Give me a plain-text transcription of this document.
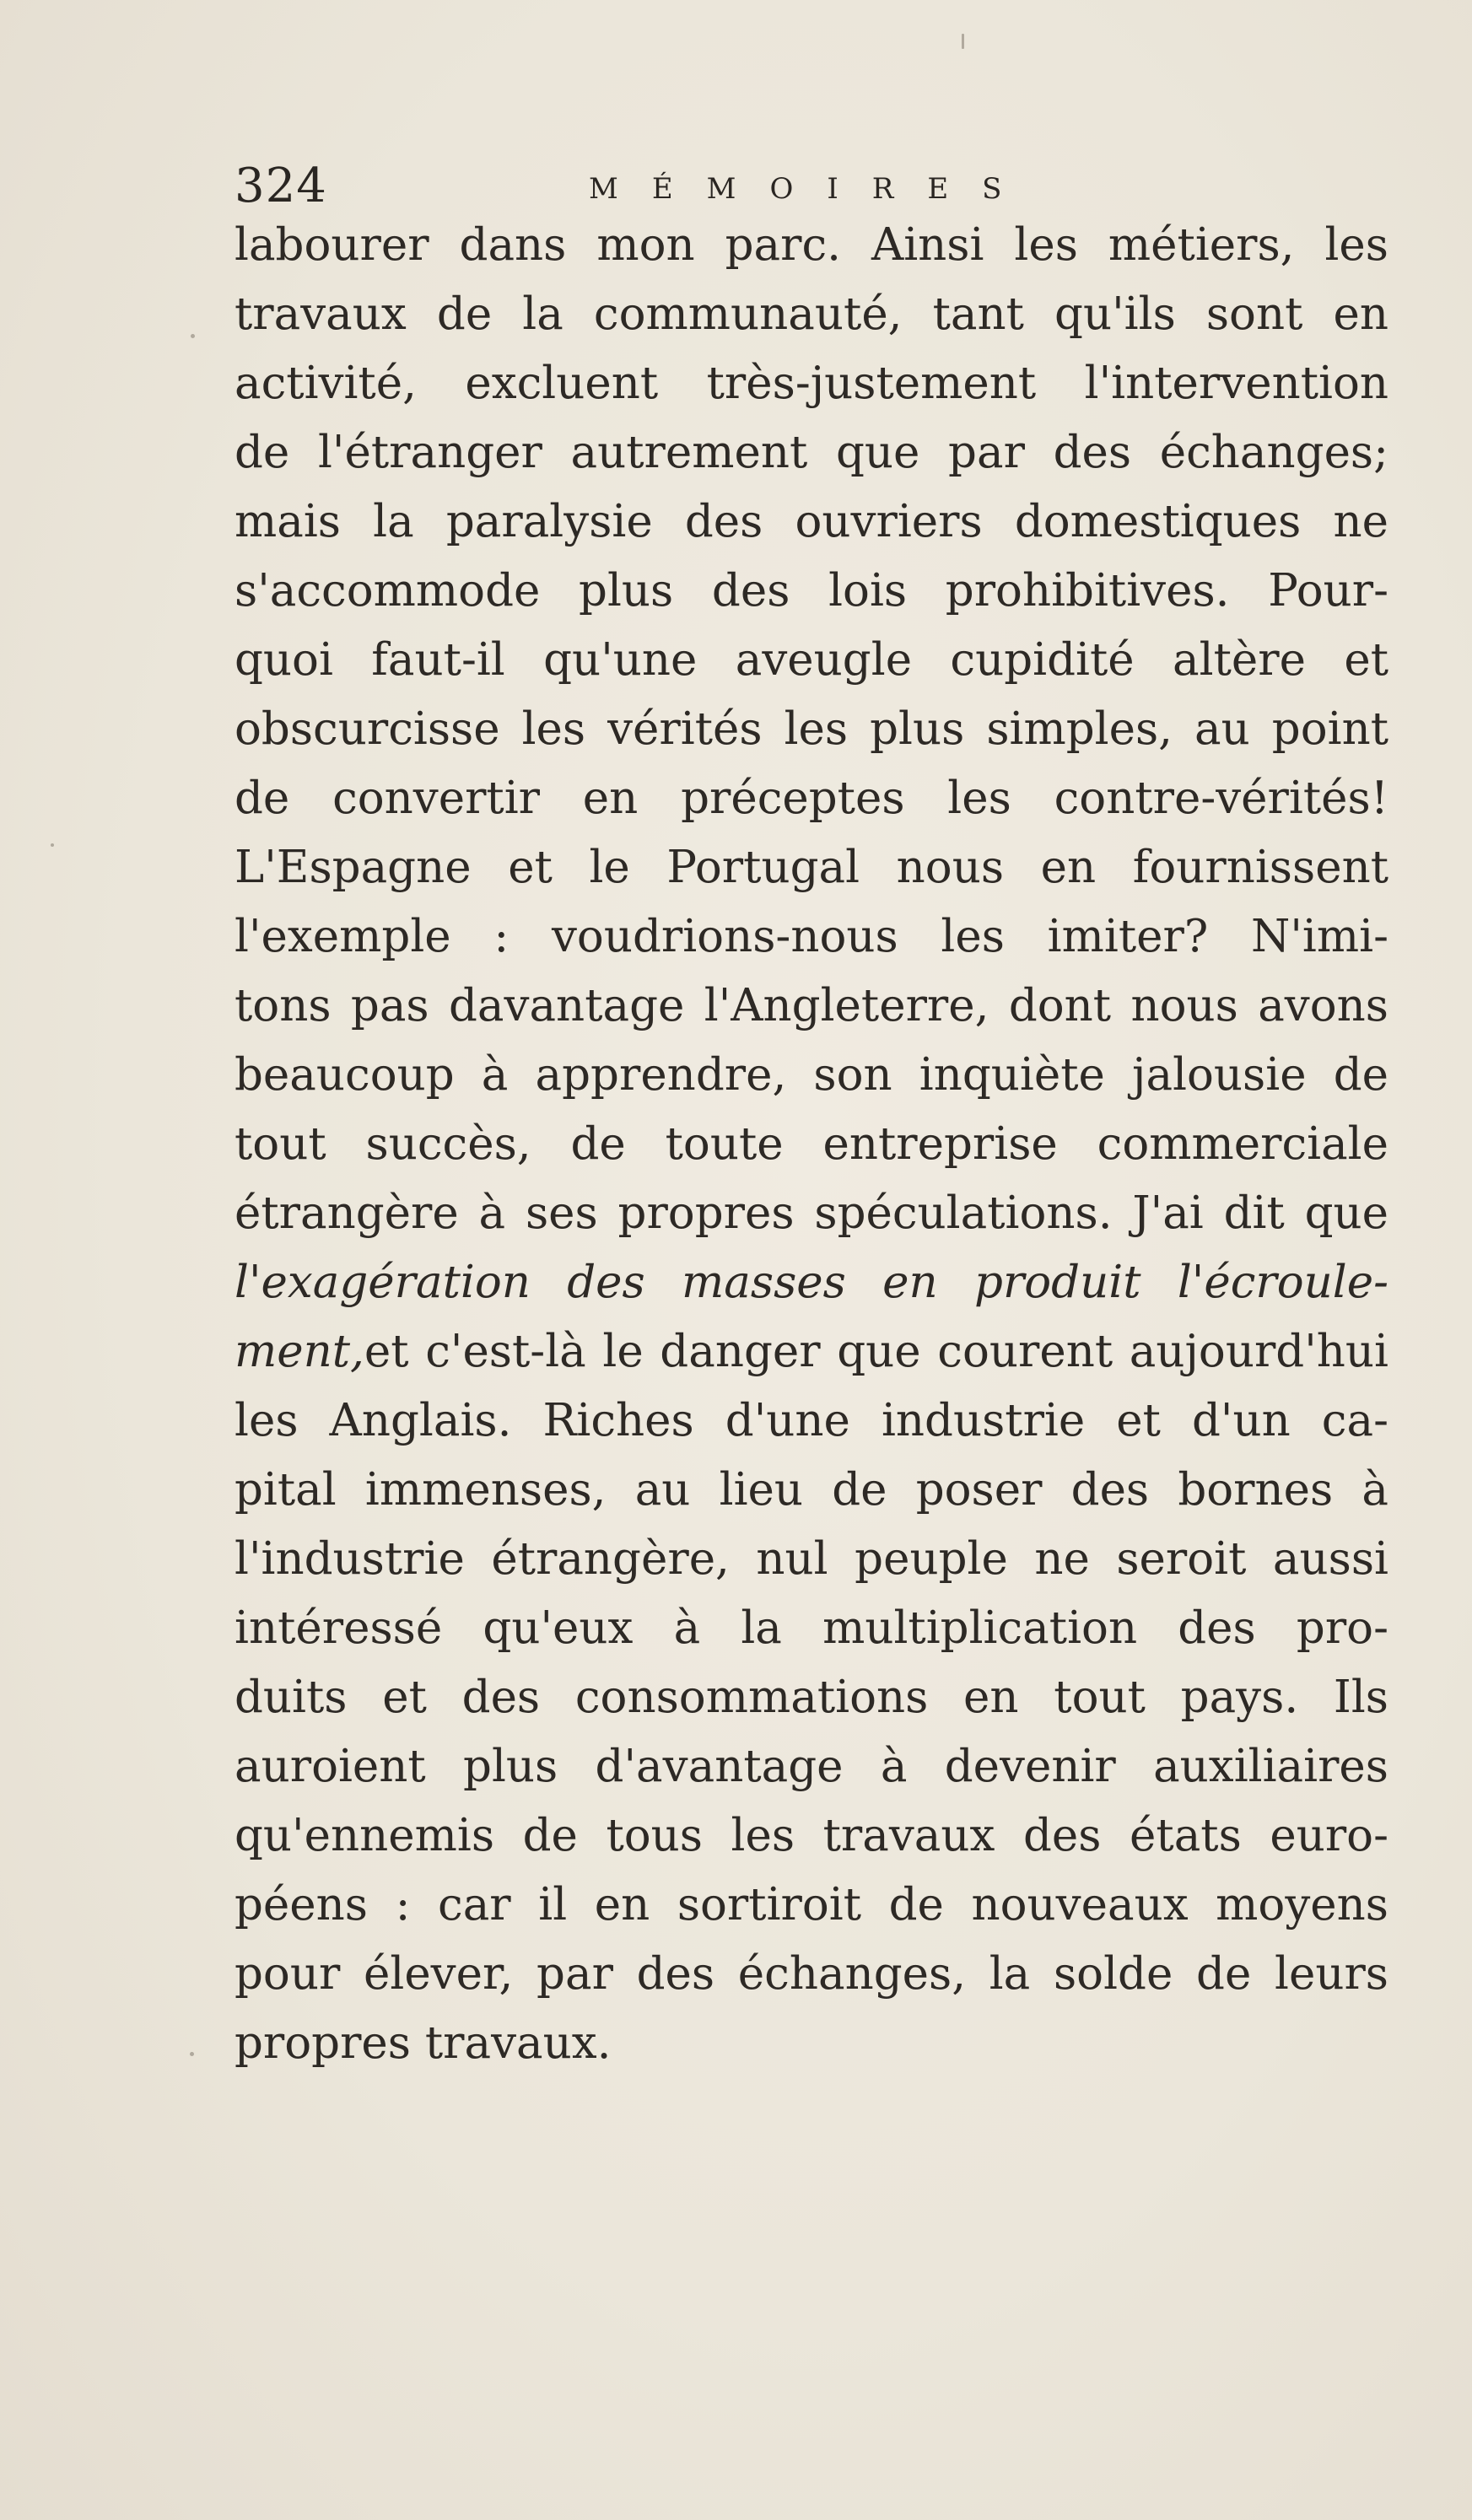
324	MÉMOIRES
labourer dans mon parc. Ainsi les métiers, les
travaux de la communauté, tant qu'ils sont en
activité, excluent très-justement l'intervention
de l'étranger autrement que par des échanges;
mais la paralysie des ouvriers domestiques ne
s'accommode plus des lois prohibitives. Pour-
quoi faut-il qu'une aveugle cupidité altère et
obscurcisse les vérités les plus simples, au point
de convertir en préceptes les contre-vérités!
L'Espagne et le Portugal nous en fournissent
l'exemple : voudrions-nous les imiter? N'imi-
tons pas davantage l'Angleterre, dont nous avons
beaucoup à apprendre, son inquiète jalousie de
tout succès, de toute entreprise commerciale
étrangère à ses propres spéculations. J'ai dit que
l'exagération des masses en produit l'écroule-
ment,et c'est-là le danger que courent aujourd'hui
les Anglais. Riches d'une industrie et d'un ca-
pital immenses, au lieu de poser des bornes à
l'industrie étrangère, nul peuple ne seroit aussi
intéressé qu'eux à la multiplication des pro-
duits et des consommations en tout pays. Ils
auroient plus d'avantage à devenir auxiliaires
qu'ennemis de tous les travaux des états euro-
péens : car il en sortiroit de nouveaux moyens
pour élever, par des échanges, la solde de leurs
propres travaux.
